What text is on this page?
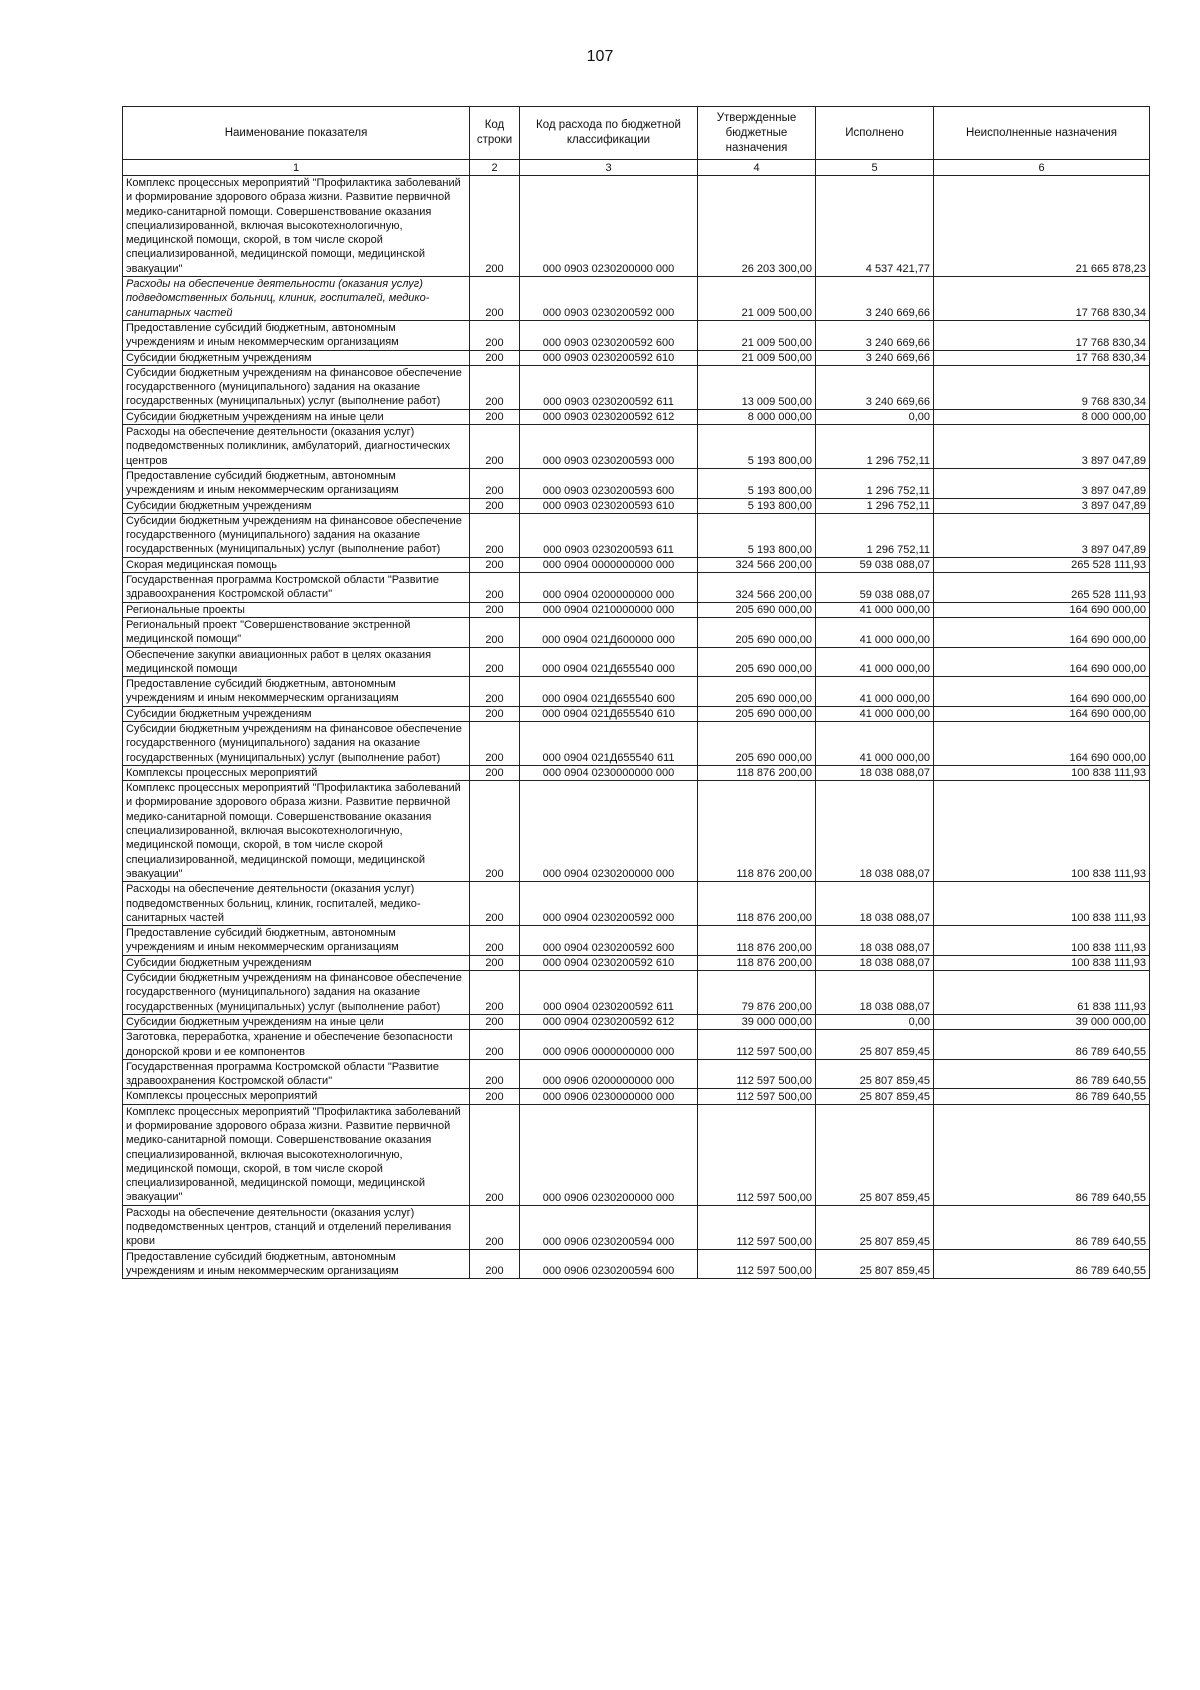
107
Наименование показателя	Код строки	Код расхода по бюджетной классификации	Утвержденные бюджетные назначения	Исполнено	Неисполненные назначения
1	2	3	4	5	6
Комплекс процессных мероприятий "Профилактика заболеваний и формирование здорового образа жизни. Развитие первичной медико-санитарной помощи. Совершенствование оказания специализированной, включая высокотехнологичную, медицинской помощи, скорой, в том числе скорой специализированной, медицинской помощи, медицинской эвакуации"	200	000 0903 0230200000 000	26 203 300,00	4 537 421,77	21 665 878,23
Расходы на обеспечение деятельности (оказания услуг) подведомственных больниц, клиник, госпиталей, медико-санитарных частей	200	000 0903 0230200592 000	21 009 500,00	3 240 669,66	17 768 830,34
Предоставление субсидий бюджетным, автономным учреждениям и иным некоммерческим организациям	200	000 0903 0230200592 600	21 009 500,00	3 240 669,66	17 768 830,34
Субсидии бюджетным учреждениям	200	000 0903 0230200592 610	21 009 500,00	3 240 669,66	17 768 830,34
Субсидии бюджетным учреждениям на финансовое обеспечение государственного (муниципального) задания на оказание государственных (муниципальных) услуг (выполнение работ)	200	000 0903 0230200592 611	13 009 500,00	3 240 669,66	9 768 830,34
Субсидии бюджетным учреждениям на иные цели	200	000 0903 0230200592 612	8 000 000,00	0,00	8 000 000,00
Расходы на обеспечение деятельности (оказания услуг) подведомственных поликлиник, амбулаторий, диагностических центров	200	000 0903 0230200593 000	5 193 800,00	1 296 752,11	3 897 047,89
Предоставление субсидий бюджетным, автономным учреждениям и иным некоммерческим организациям	200	000 0903 0230200593 600	5 193 800,00	1 296 752,11	3 897 047,89
Субсидии бюджетным учреждениям	200	000 0903 0230200593 610	5 193 800,00	1 296 752,11	3 897 047,89
Субсидии бюджетным учреждениям на финансовое обеспечение государственного (муниципального) задания на оказание государственных (муниципальных) услуг (выполнение работ)	200	000 0903 0230200593 611	5 193 800,00	1 296 752,11	3 897 047,89
Скорая медицинская помощь	200	000 0904 0000000000 000	324 566 200,00	59 038 088,07	265 528 111,93
Государственная программа Костромской области "Развитие здравоохранения Костромской области"	200	000 0904 0200000000 000	324 566 200,00	59 038 088,07	265 528 111,93
Региональные проекты	200	000 0904 0210000000 000	205 690 000,00	41 000 000,00	164 690 000,00
Региональный проект "Совершенствование экстренной медицинской помощи"	200	000 0904 021Д600000 000	205 690 000,00	41 000 000,00	164 690 000,00
Обеспечение закупки авиационных работ в целях оказания медицинской помощи	200	000 0904 021Д655540 000	205 690 000,00	41 000 000,00	164 690 000,00
Предоставление субсидий бюджетным, автономным учреждениям и иным некоммерческим организациям	200	000 0904 021Д655540 600	205 690 000,00	41 000 000,00	164 690 000,00
Субсидии бюджетным учреждениям	200	000 0904 021Д655540 610	205 690 000,00	41 000 000,00	164 690 000,00
Субсидии бюджетным учреждениям на финансовое обеспечение государственного (муниципального) задания на оказание государственных (муниципальных) услуг (выполнение работ)	200	000 0904 021Д655540 611	205 690 000,00	41 000 000,00	164 690 000,00
Комплексы процессных мероприятий	200	000 0904 0230000000 000	118 876 200,00	18 038 088,07	100 838 111,93
Комплекс процессных мероприятий "Профилактика заболеваний и формирование здорового образа жизни. Развитие первичной медико-санитарной помощи. Совершенствование оказания специализированной, включая высокотехнологичную, медицинской помощи, скорой, в том числе скорой специализированной, медицинской помощи, медицинской эвакуации"	200	000 0904 0230200000 000	118 876 200,00	18 038 088,07	100 838 111,93
Расходы на обеспечение деятельности (оказания услуг) подведомственных больниц, клиник, госпиталей, медико-санитарных частей	200	000 0904 0230200592 000	118 876 200,00	18 038 088,07	100 838 111,93
Предоставление субсидий бюджетным, автономным учреждениям и иным некоммерческим организациям	200	000 0904 0230200592 600	118 876 200,00	18 038 088,07	100 838 111,93
Субсидии бюджетным учреждениям	200	000 0904 0230200592 610	118 876 200,00	18 038 088,07	100 838 111,93
Субсидии бюджетным учреждениям на финансовое обеспечение государственного (муниципального) задания на оказание государственных (муниципальных) услуг (выполнение работ)	200	000 0904 0230200592 611	79 876 200,00	18 038 088,07	61 838 111,93
Субсидии бюджетным учреждениям на иные цели	200	000 0904 0230200592 612	39 000 000,00	0,00	39 000 000,00
Заготовка, переработка, хранение и обеспечение безопасности донорской крови и ее компонентов	200	000 0906 0000000000 000	112 597 500,00	25 807 859,45	86 789 640,55
Государственная программа Костромской области "Развитие здравоохранения Костромской области"	200	000 0906 0200000000 000	112 597 500,00	25 807 859,45	86 789 640,55
Комплексы процессных мероприятий	200	000 0906 0230000000 000	112 597 500,00	25 807 859,45	86 789 640,55
Комплекс процессных мероприятий "Профилактика заболеваний и формирование здорового образа жизни. Развитие первичной медико-санитарной помощи. Совершенствование оказания специализированной, включая высокотехнологичную, медицинской помощи, скорой, в том числе скорой специализированной, медицинской помощи, медицинской эвакуации"	200	000 0906 0230200000 000	112 597 500,00	25 807 859,45	86 789 640,55
Расходы на обеспечение деятельности (оказания услуг) подведомственных центров, станций и отделений переливания крови	200	000 0906 0230200594 000	112 597 500,00	25 807 859,45	86 789 640,55
Предоставление субсидий бюджетным, автономным учреждениям и иным некоммерческим организациям	200	000 0906 0230200594 600	112 597 500,00	25 807 859,45	86 789 640,55
